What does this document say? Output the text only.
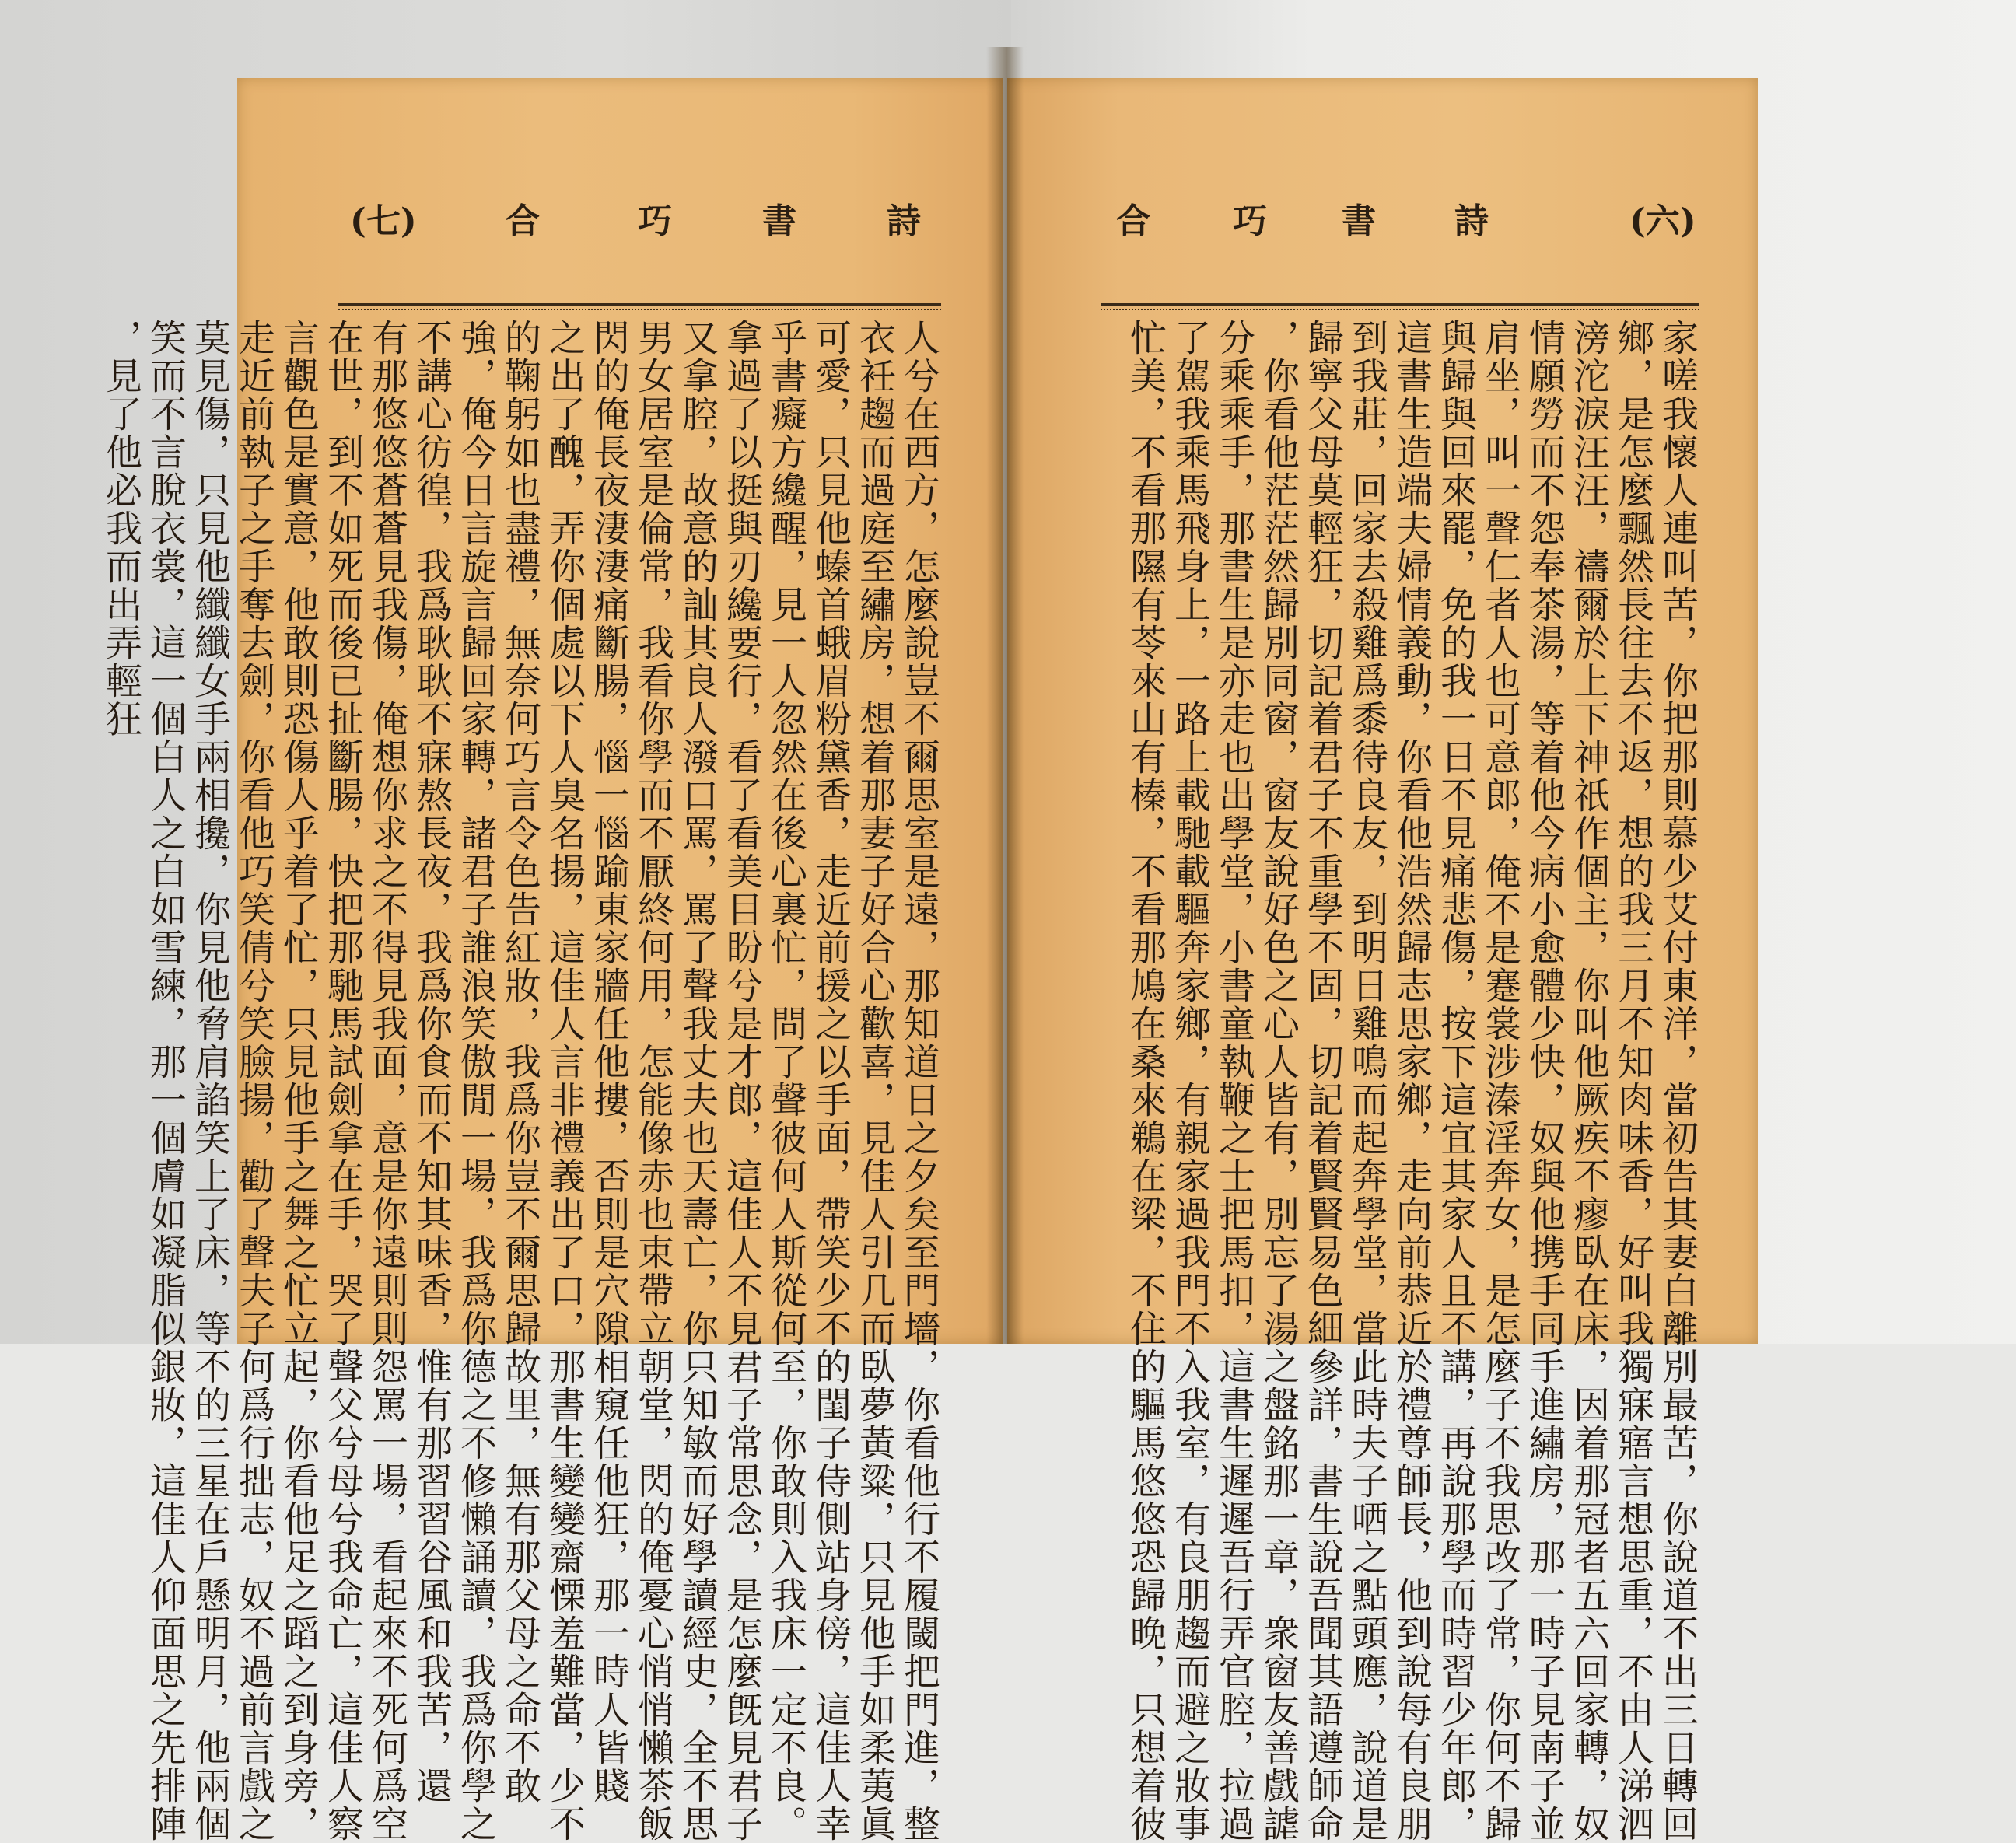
(七)	合	巧	書	詩
人兮在西方，怎麼說豈不爾思室是遠，那知道日之夕矣至門墻，你看他行不履閾把門進，整
衣衽趨而過庭至繡房，想着那妻子好合心歡喜，見佳人引几而臥夢黃粱，只見他手如柔荑眞
可愛，只見他螓首蛾眉粉黛香，走近前援之以手面，帶笑少不的閨子侍側站身傍，這佳人幸
乎書癡方纔醒，見一人忽然在後心裏忙，問了聲彼何人斯從何至，你敢則入我床一定不良。
拿過了以挺與刃纔要行，看了看美目盼兮是才郎，這佳人不見君子常思念，是怎麼旣見君子
又拿腔，故意的訕其良人潑口罵，罵了聲我丈夫也天壽亡，你只知敏而好學讀經史，全不思
男女居室是倫常，我看你學而不厭終何用，怎能像赤也束帶立朝堂，閃的俺憂心悄悄懶茶飯
閃的俺長夜淒淒痛斷腸，惱一惱踰東家牆任他摟，否則是穴隙相窺任他狂，那一時人皆賤
之出了醜，弄你個處以下人臭名揚，這佳人言非禮義出了口，那書生變變齋慄羞難當，少不
的鞠躬如也盡禮，無奈何巧言令色告紅妝，我爲你豈不爾思歸故里，無有那父母之命不敢
強，俺今日言旋言歸回家轉，諸君子誰浪笑傲閒一場，我爲你德之不修懶誦讀，我爲你學之
不講心彷徨，我爲耿耿不寐熬長夜，我爲你食而不知其味香，惟有那習習谷風和我苦，還
有那悠悠蒼蒼見我傷，俺想你求之不得見我面，意是你遠則則怨罵一場，看起來不死何爲空
在世，到不如死而後已扯斷腸，快把那馳馬試劍拿在手，哭了聲父兮母兮我命亡，這佳人察
言觀色是實意，他敢則恐傷人乎着了忙，只見他手之舞之忙立起，你看他足之蹈之到身旁，
走近前執子之手奪去劍，你看他巧笑倩兮笑臉揚，勸了聲夫子何爲行拙志，奴不過前言戲之
莫見傷，只見他纖纖女手兩相攙，你見他脅肩諂笑上了床，等不的三星在戶懸明月，他兩個
笑而不言脫衣裳，這一個白人之白如雪練，那一個膚如凝脂似銀妝，這佳人仰面思之先排陣
，見了他必我而出弄輕狂
(六)
詩
書
巧
合
家嗟我懷人連叫苦，你把那則慕少艾付東洋，當初告其妻白離別最苦，你說道不出三日轉回
鄉，是怎麼飄然長往去不返，想的我三月不知肉味香，好叫我獨寐寤言想思重，不由人涕泗
滂沱淚汪汪，禱爾於上下神祇作個主，你叫他厥疾不瘳臥在床，因着那冠者五六回家轉，奴
情願勞而不怨奉茶湯，等着他今病小愈體少快，奴與他携手同手進繡房，那一時子見南子並
肩坐，叫一聲仁者人也可意郎，俺不是蹇裳涉溱淫奔女，是怎麼子不我思改了常，你何不歸
與歸與回來罷，免的我一日不見痛悲傷，按下這宜其家人且不講，再說那學而時習少年郎，
這書生造端夫婦情義動，你看他浩然歸志思家鄉，走向前恭近於禮尊師長，他到說每有良朋
到我莊，回家去殺雞爲黍待良友，到明日雞鳴而起奔學堂，當此時夫子哂之點頭應，說道是
歸寧父母莫輕狂，切記着君子不重學不固，切記着賢賢易色細參詳，書生說吾聞其語遵師命
，你看他茫茫然歸別同窗，窗友說好色之心人皆有，別忘了湯之盤銘那一章，衆窗友善戲謔
分乘乘手，那書生是亦走也出學堂，小書童執鞭之士把馬扣，這書生遲遲吾行弄官腔，拉過
了駕我乘馬飛身上，一路上載馳載驅奔家鄉，有親家過我門不入我室，有良朋趨而避之妝事
忙美，不看那隰有苓來山有榛，不看那鳩在桑來鵜在梁，不住的驅馬悠悠恐歸晚，只想着彼
